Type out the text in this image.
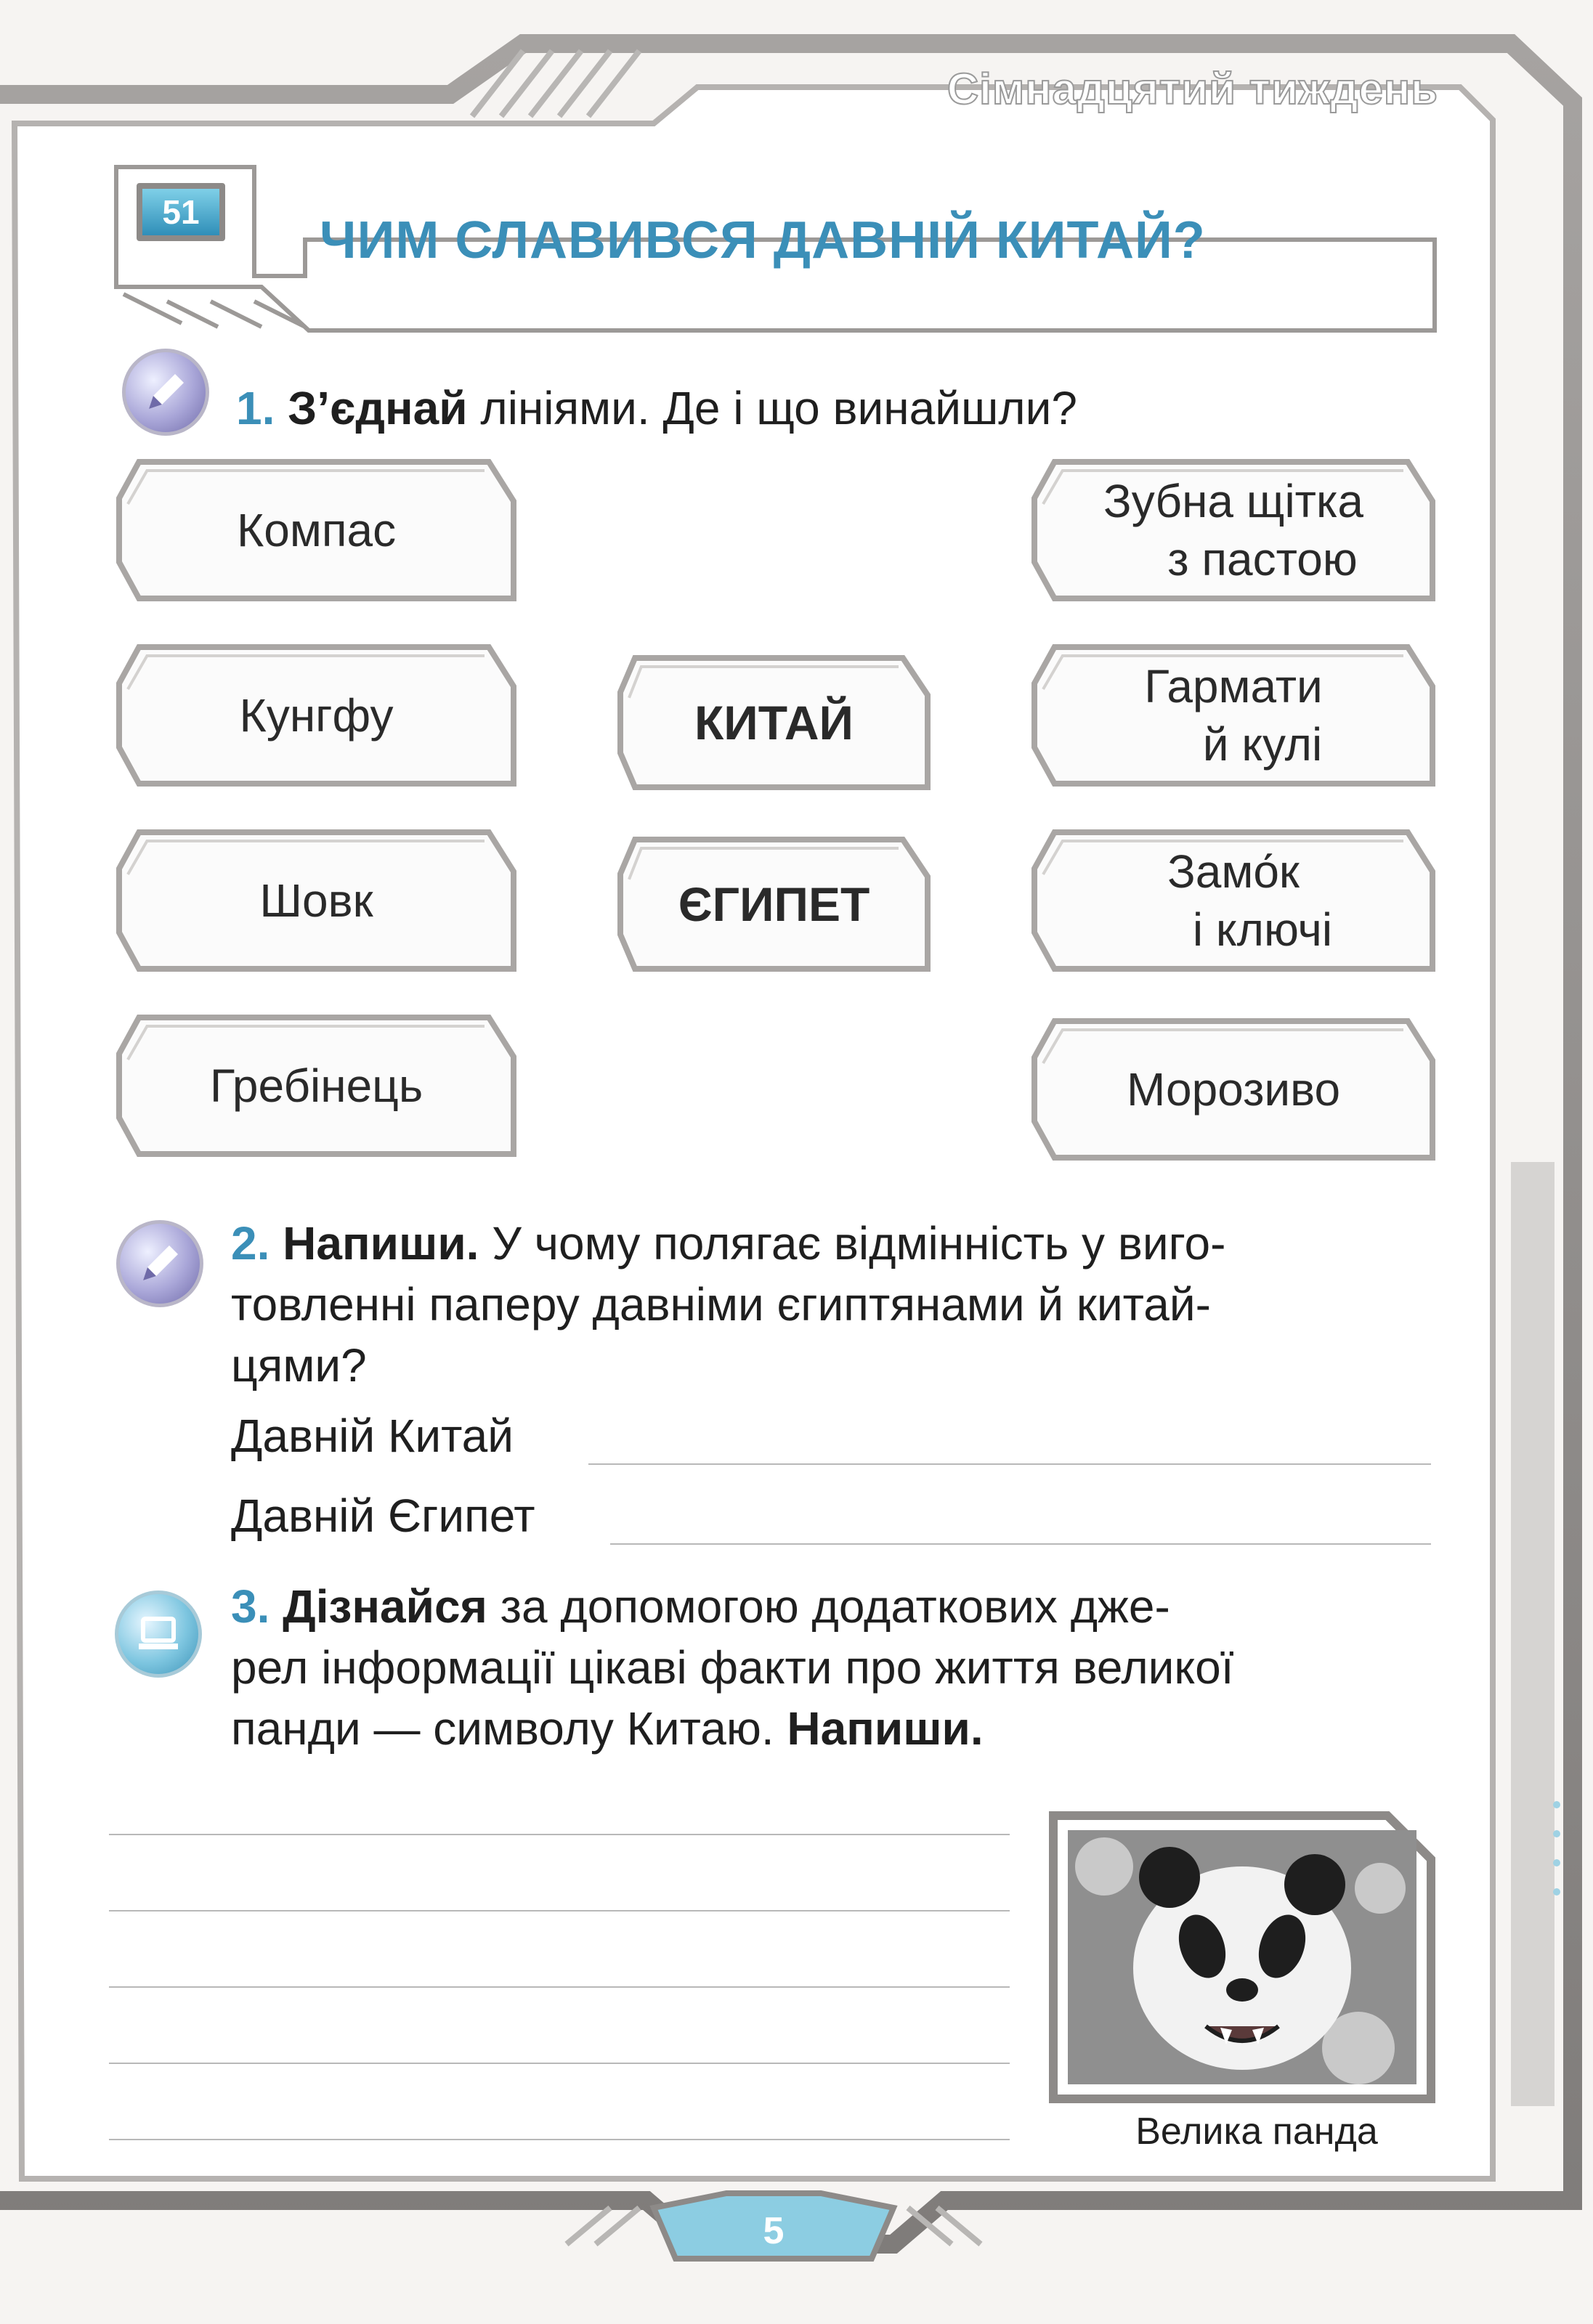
Сімнадцятий тиждень
51	ЧИМ СЛАВИВСЯ ДАВНІЙ КИТАЙ?
1. З’єднай лініями. Де і що винайшли?
Компас
Кунгфу
Шовк
Гребінець
КИТАЙ
ЄГИПЕТ
Зубна щітка
з пастою
Гармати
й кулі
Замо́к
і ключі
Морозиво
2. Напиши. У чому полягає відмінність у виго-
товленні паперу давніми єгиптянами й китай-
цями?
Давній Китай
Давній Єгипет
3. Дізнайся за допомогою додаткових дже-
рел інформації цікаві факти про життя великої
панди — символу Китаю. Напиши.
Велика панда
5
